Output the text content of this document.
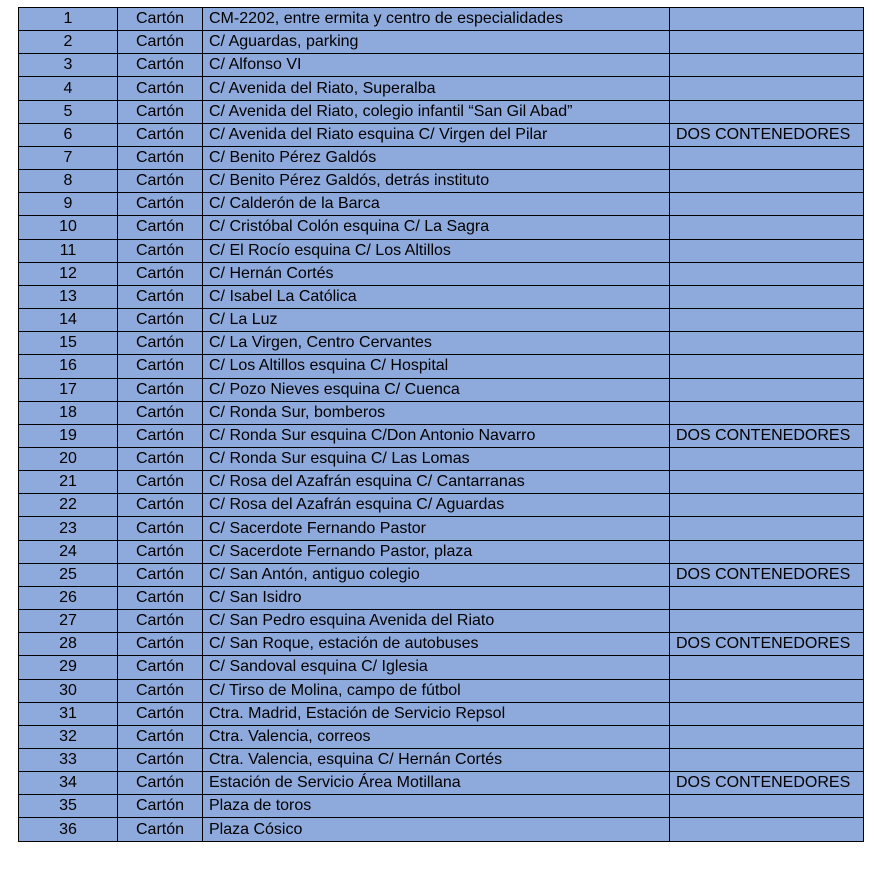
1	Cartón	CM-2202, entre ermita y centro de especialidades	
2	Cartón	C/ Aguardas, parking	
3	Cartón	C/ Alfonso VI	
4	Cartón	C/ Avenida del Riato, Superalba	
5	Cartón	C/ Avenida del Riato, colegio infantil “San Gil Abad”	
6	Cartón	C/ Avenida del Riato esquina C/ Virgen del Pilar	DOS CONTENEDORES
7	Cartón	C/ Benito Pérez Galdós	
8	Cartón	C/ Benito Pérez Galdós, detrás instituto	
9	Cartón	C/ Calderón de la Barca	
10	Cartón	C/ Cristóbal Colón esquina C/ La Sagra	
11	Cartón	C/ El Rocío esquina C/ Los Altillos	
12	Cartón	C/ Hernán Cortés	
13	Cartón	C/ Isabel La Católica	
14	Cartón	C/ La Luz	
15	Cartón	C/ La Virgen, Centro Cervantes	
16	Cartón	C/ Los Altillos esquina C/ Hospital	
17	Cartón	C/ Pozo Nieves esquina C/ Cuenca	
18	Cartón	C/ Ronda Sur, bomberos	
19	Cartón	C/ Ronda Sur esquina C/Don Antonio Navarro	DOS CONTENEDORES
20	Cartón	C/ Ronda Sur esquina C/ Las Lomas	
21	Cartón	C/ Rosa del Azafrán esquina C/ Cantarranas	
22	Cartón	C/ Rosa del Azafrán esquina C/ Aguardas	
23	Cartón	C/ Sacerdote Fernando Pastor	
24	Cartón	C/ Sacerdote Fernando Pastor, plaza	
25	Cartón	C/ San Antón, antiguo colegio	DOS CONTENEDORES
26	Cartón	C/ San Isidro	
27	Cartón	C/ San Pedro esquina Avenida del Riato	
28	Cartón	C/ San Roque, estación de autobuses	DOS CONTENEDORES
29	Cartón	C/ Sandoval esquina C/ Iglesia	
30	Cartón	C/ Tirso de Molina, campo de fútbol	
31	Cartón	Ctra. Madrid, Estación de Servicio Repsol	
32	Cartón	Ctra. Valencia, correos	
33	Cartón	Ctra. Valencia, esquina C/ Hernán Cortés	
34	Cartón	Estación de Servicio Área Motillana	DOS CONTENEDORES
35	Cartón	Plaza de toros	
36	Cartón	Plaza Cósico	
